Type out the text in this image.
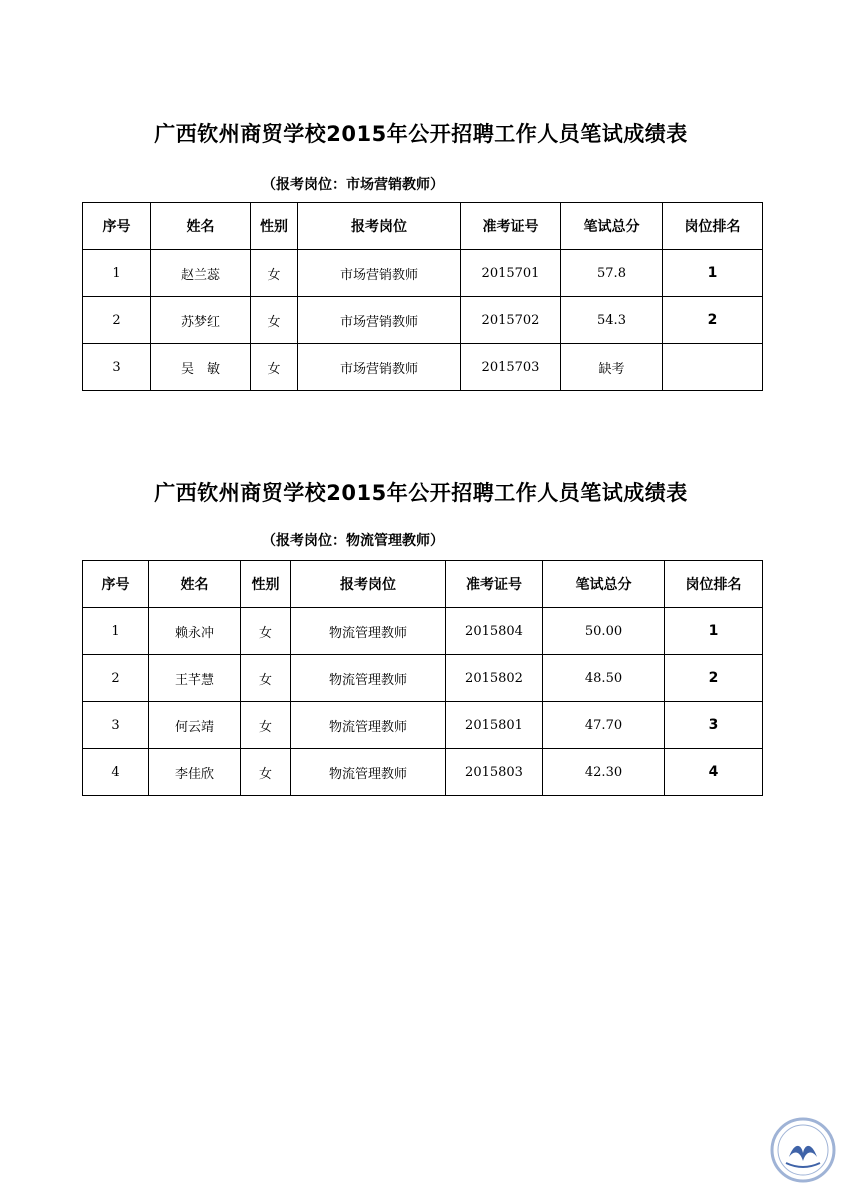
广西钦州商贸学校2015年公开招聘工作人员笔试成绩表
（报考岗位：市场营销教师）
序号	姓名	性别	报考岗位	准考证号	笔试总分	岗位排名
1	赵兰蕊	女	市场营销教师	2015701	57.8	1
2	苏梦红	女	市场营销教师	2015702	54.3	2
3	吴　敏	女	市场营销教师	2015703	缺考	
广西钦州商贸学校2015年公开招聘工作人员笔试成绩表
（报考岗位：物流管理教师）
序号	姓名	性别	报考岗位	准考证号	笔试总分	岗位排名
1	赖永冲	女	物流管理教师	2015804	50.00	1
2	王芊慧	女	物流管理教师	2015802	48.50	2
3	何云靖	女	物流管理教师	2015801	47.70	3
4	李佳欣	女	物流管理教师	2015803	42.30	4
